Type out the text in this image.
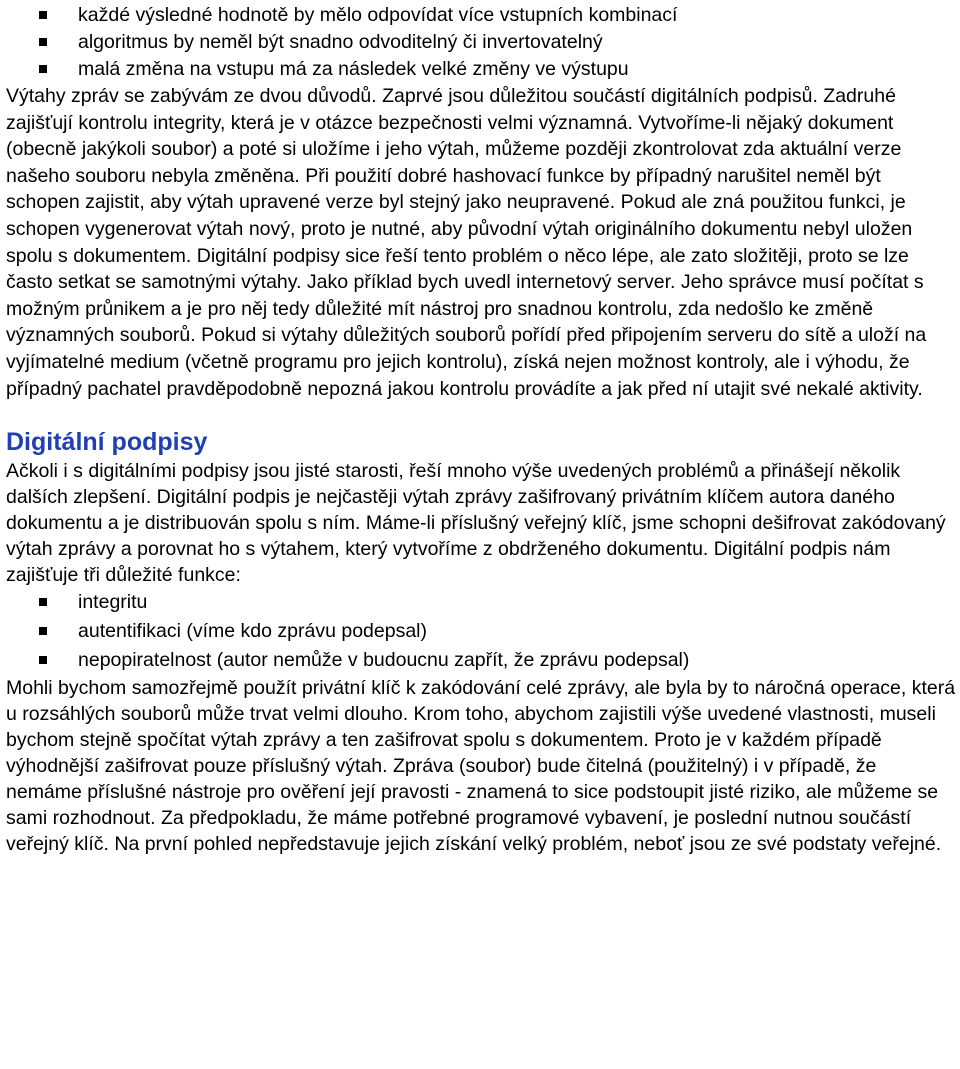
každé výsledné hodnotě by mělo odpovídat více vstupních kombinací
algoritmus by neměl být snadno odvoditelný či invertovatelný
malá změna na vstupu má za následek velké změny ve výstupu

Výtahy zpráv se zabývám ze dvou důvodů. Zaprvé jsou důležitou součástí digitálních podpisů. Zadruhé zajišťují kontrolu integrity, která je v otázce bezpečnosti velmi významná. Vytvoříme-li nějaký dokument (obecně jakýkoli soubor) a poté si uložíme i jeho výtah, můžeme později zkontrolovat zda aktuální verze našeho souboru nebyla změněna. Při použití dobré hashovací funkce by případný narušitel neměl být schopen zajistit, aby výtah upravené verze byl stejný jako neupravené. Pokud ale zná použitou funkci, je schopen vygenerovat výtah nový, proto je nutné, aby původní výtah originálního dokumentu nebyl uložen spolu s dokumentem. Digitální podpisy sice řeší tento problém o něco lépe, ale zato složitěji, proto se lze často setkat se samotnými výtahy. Jako příklad bych uvedl internetový server. Jeho správce musí počítat s možným průnikem a je pro něj tedy důležité mít nástroj pro snadnou kontrolu, zda nedošlo ke změně významných souborů. Pokud si výtahy důležitých souborů pořídí před připojením serveru do sítě a uloží na vyjímatelné medium (včetně programu pro jejich kontrolu), získá nejen možnost kontroly, ale i výhodu, že případný pachatel pravděpodobně nepozná jakou kontrolu provádíte a jak před ní utajit své nekalé aktivity.

Digitální podpisy

Ačkoli i s digitálními podpisy jsou jisté starosti, řeší mnoho výše uvedených problémů a přinášejí několik dalších zlepšení. Digitální podpis je nejčastěji výtah zprávy zašifrovaný privátním klíčem autora daného dokumentu a je distribuován spolu s ním. Máme-li příslušný veřejný klíč, jsme schopni dešifrovat zakódovaný výtah zprávy a porovnat ho s výtahem, který vytvoříme z obdrženého dokumentu. Digitální podpis nám zajišťuje tři důležité funkce:

integritu
autentifikaci (víme kdo zprávu podepsal)
nepopiratelnost (autor nemůže v budoucnu zapřít, že zprávu podepsal)

Mohli bychom samozřejmě použít privátní klíč k zakódování celé zprávy, ale byla by to náročná operace, která u rozsáhlých souborů může trvat velmi dlouho. Krom toho, abychom zajistili výše uvedené vlastnosti, museli bychom stejně spočítat výtah zprávy a ten zašifrovat spolu s dokumentem. Proto je v každém případě výhodnější zašifrovat pouze příslušný výtah. Zpráva (soubor) bude čitelná (použitelný) i v případě, že nemáme příslušné nástroje pro ověření její pravosti - znamená to sice podstoupit jisté riziko, ale můžeme se sami rozhodnout. Za předpokladu, že máme potřebné programové vybavení, je poslední nutnou součástí veřejný klíč. Na první pohled nepředstavuje jejich získání velký problém, neboť jsou ze své podstaty veřejné.
